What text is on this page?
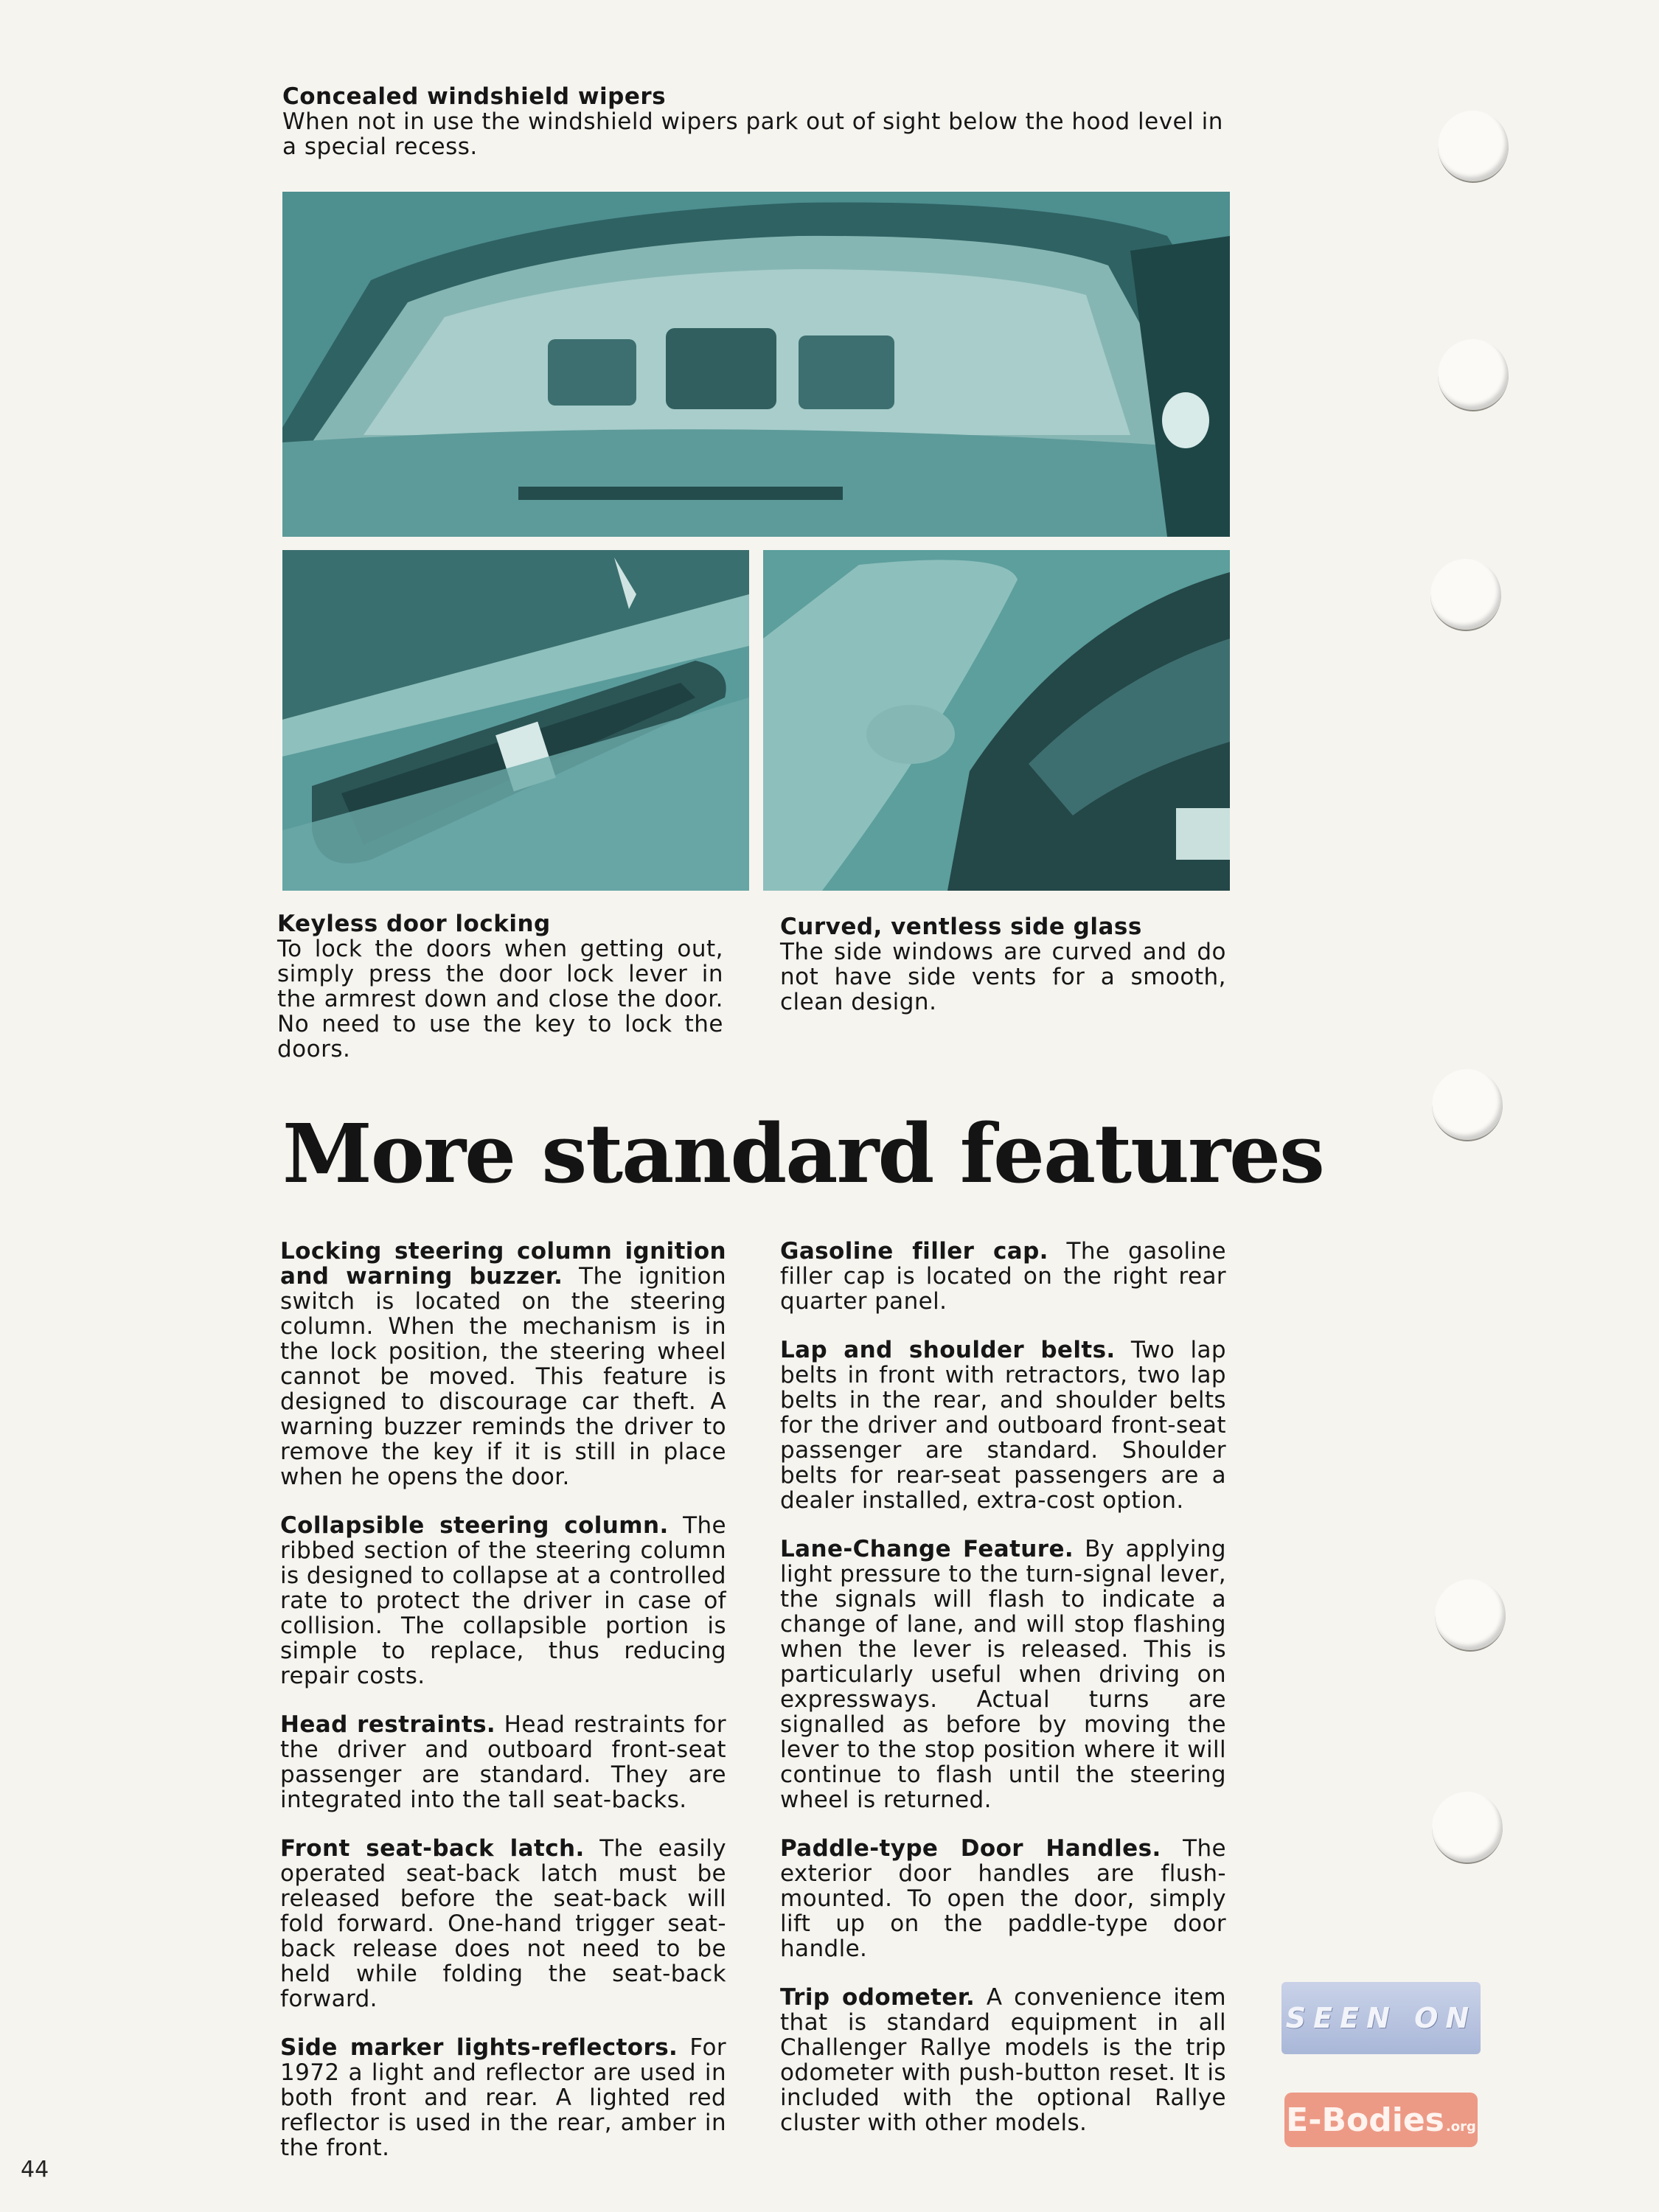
Concealed windshield wipers

When not in use the windshield wipers park out of sight below the hood level in a special recess.

Keyless door locking

To lock the doors when getting out, simply press the door lock lever in the armrest down and close the door. No need to use the key to lock the doors.

Curved, ventless side glass

The side windows are curved and do not have side vents for a smooth, clean design.

More standard features

Locking steering column ignition and warning buzzer. The ignition switch is located on the steering column. When the mechanism is in the lock position, the steering wheel cannot be moved. This feature is designed to discourage car theft. A warning buzzer reminds the driver to remove the key if it is still in place when he opens the door.

Collapsible steering column. The ribbed section of the steering column is designed to collapse at a controlled rate to protect the driver in case of collision. The collapsible portion is simple to replace, thus reducing repair costs.

Head restraints. Head restraints for the driver and outboard front-seat passenger are standard. They are integrated into the tall seat-backs.

Front seat-back latch. The easily operated seat-back latch must be released before the seat-back will fold forward. One-hand trigger seat-back release does not need to be held while folding the seat-back forward.

Side marker lights-reflectors. For 1972 a light and reflector are used in both front and rear. A lighted red reflector is used in the rear, amber in the front.

Gasoline filler cap. The gasoline filler cap is located on the right rear quarter panel.

Lap and shoulder belts. Two lap belts in front with retractors, two lap belts in the rear, and shoulder belts for the driver and outboard front-seat passenger are standard. Shoulder belts for rear-seat passengers are a dealer installed, extra-cost option.

Lane-Change Feature. By applying light pressure to the turn-signal lever, the signals will flash to indicate a change of lane, and will stop flashing when the lever is released. This is particularly useful when driving on expressways. Actual turns are signalled as before by moving the lever to the stop position where it will continue to flash until the steering wheel is returned.

Paddle-type Door Handles. The exterior door handles are flush-mounted. To open the door, simply lift up on the paddle-type door handle.

Trip odometer. A convenience item that is standard equipment in all Challenger Rallye models is the trip odometer with push-button reset. It is included with the optional Rallye cluster with other models.

44
SEEN ON
E-Bodies .org
